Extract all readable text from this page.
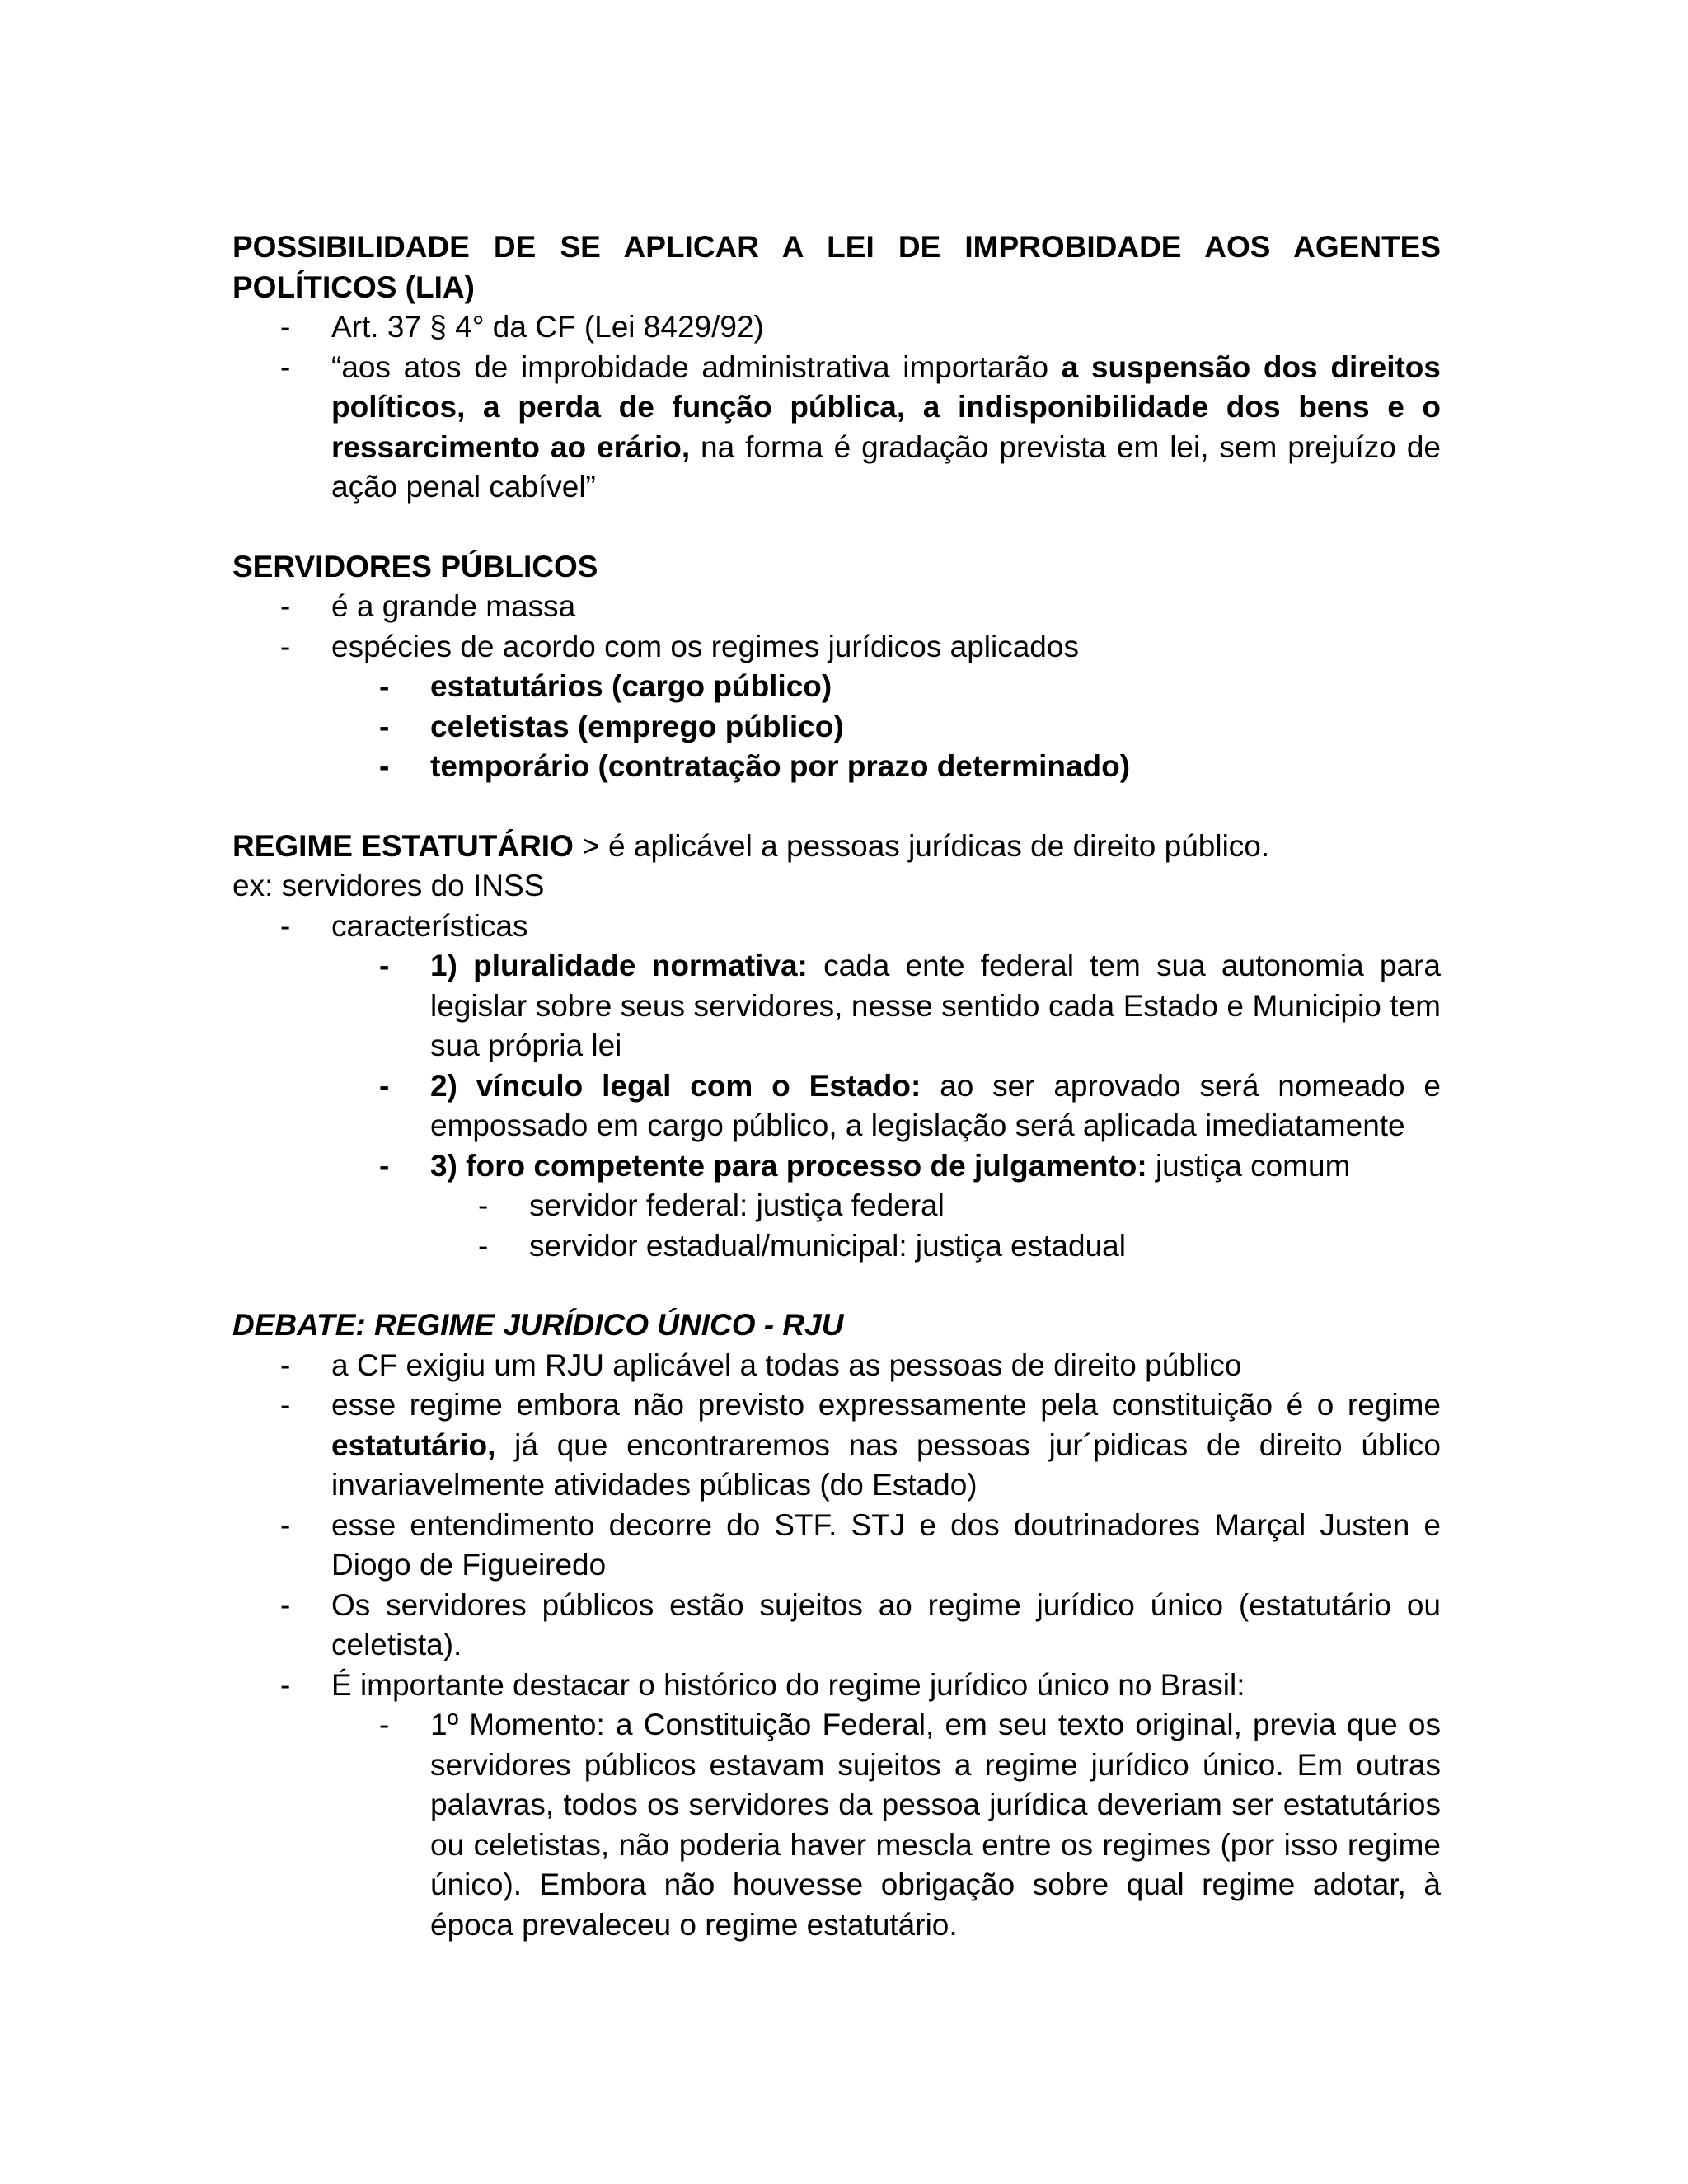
POSSIBILIDADE DE SE APLICAR A LEI DE IMPROBIDADE AOS AGENTES POLÍTICOS (LIA)

- Art. 37 § 4° da CF (Lei 8429/92)
- “aos atos de improbidade administrativa importarão a suspensão dos direitos políticos, a perda de função pública, a indisponibilidade dos bens e o ressarcimento ao erário, na forma é gradação prevista em lei, sem prejuízo de ação penal cabível”

SERVIDORES PÚBLICOS

- é a grande massa
- espécies de acordo com os regimes jurídicos aplicados
- estatutários (cargo público)
- celetistas (emprego público)
- temporário (contratação por prazo determinado)

REGIME ESTATUTÁRIO > é aplicável a pessoas jurídicas de direito público.

ex: servidores do INSS

- características
- 1) pluralidade normativa: cada ente federal tem sua autonomia para legislar sobre seus servidores, nesse sentido cada Estado e Municipio tem sua própria lei
- 2) vínculo legal com o Estado: ao ser aprovado será nomeado e empossado em cargo público, a legislação será aplicada imediatamente
- 3) foro competente para processo de julgamento: justiça comum
- servidor federal: justiça federal
- servidor estadual/municipal: justiça estadual

DEBATE: REGIME JURÍDICO ÚNICO - RJU

- a CF exigiu um RJU aplicável a todas as pessoas de direito público
- esse regime embora não previsto expressamente pela constituição é o regime estatutário, já que encontraremos nas pessoas jur´pidicas de direito úblico invariavelmente atividades públicas (do Estado)
- esse entendimento decorre do STF. STJ e dos doutrinadores Marçal Justen e Diogo de Figueiredo
- Os servidores públicos estão sujeitos ao regime jurídico único (estatutário ou celetista).
- É importante destacar o histórico do regime jurídico único no Brasil:
- 1º Momento: a Constituição Federal, em seu texto original, previa que os servidores públicos estavam sujeitos a regime jurídico único. Em outras palavras, todos os servidores da pessoa jurídica deveriam ser estatutários ou celetistas, não poderia haver mescla entre os regimes (por isso regime único). Embora não houvesse obrigação sobre qual regime adotar, à época prevaleceu o regime estatutário.
